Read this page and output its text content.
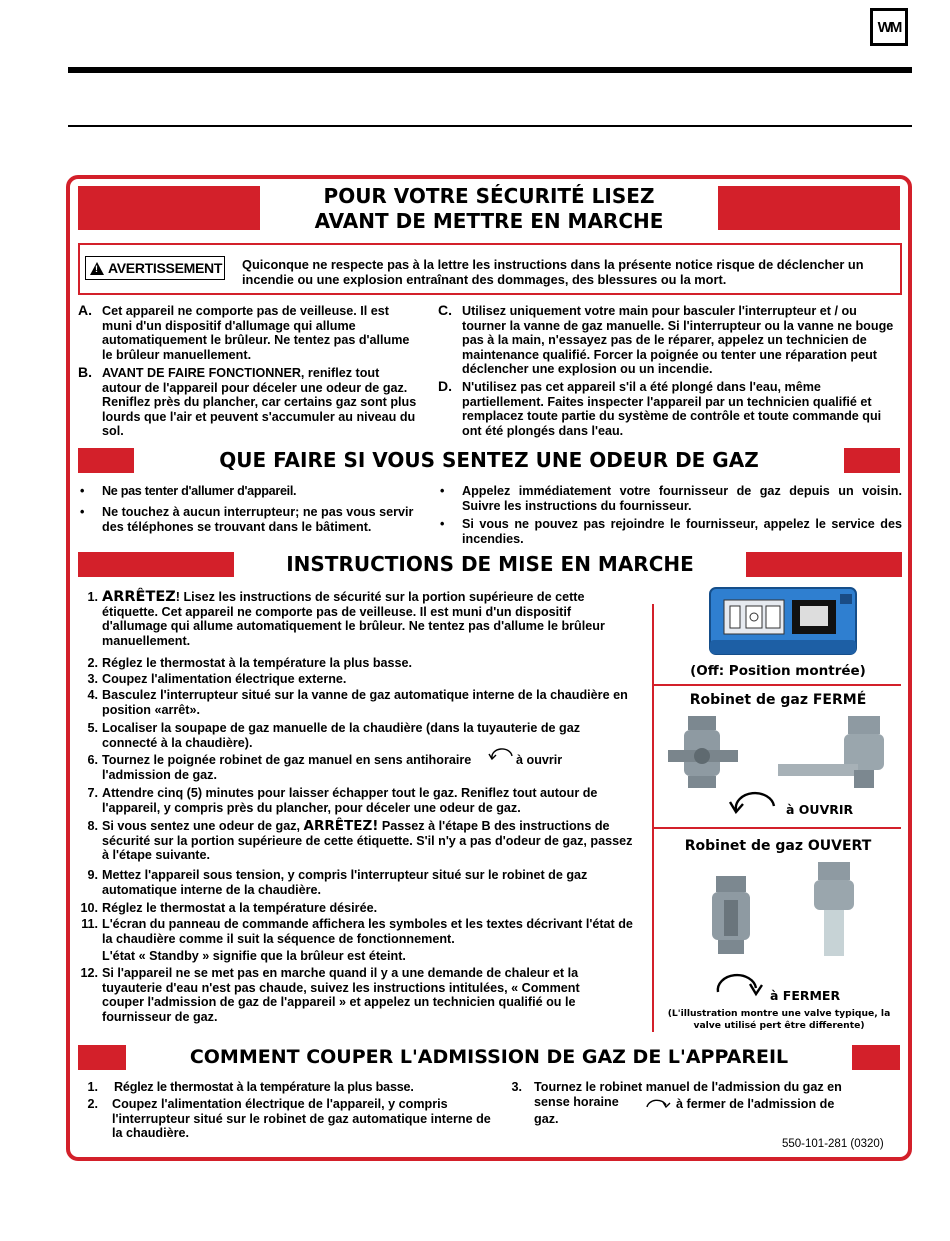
WM
POUR VOTRE SÉCURITÉ LISEZ
AVANT DE METTRE EN MARCHE
! AVERTISSEMENT Quiconque ne respecte pas à la lettre les instructions dans la présente notice risque de déclencher un incendie ou une explosion entraînant des dommages, des blessures ou la mort.
A. Cet appareil ne comporte pas de veilleuse. Il est muni d'un dispositif d'allumage qui allume automatiquement le brûleur. Ne tentez pas d'allume le brûleur manuellement.
B. AVANT DE FAIRE FONCTIONNER, reniflez tout autour de l'appareil pour déceler une odeur de gaz. Reniflez près du plancher, car certains gaz sont plus lourds que l'air et peuvent s'accumuler au niveau du sol.
C. Utilisez uniquement votre main pour basculer l'interrupteur et / ou tourner la vanne de gaz manuelle. Si l'interrupteur ou la vanne ne bouge pas à la main, n'essayez pas de le réparer, appelez un technicien de maintenance qualifié. Forcer la poignée ou tenter une réparation peut déclencher une explosion ou un incendie.
D. N'utilisez pas cet appareil s'il a été plongé dans l'eau, même partiellement. Faites inspecter l'appareil par un technicien qualifié et remplacez toute partie du système de contrôle et toute commande qui ont été plongés dans l'eau.
QUE FAIRE SI VOUS SENTEZ UNE ODEUR DE GAZ
• Ne pas tenter d'allumer d'appareil.
• Ne touchez à aucun interrupteur; ne pas vous servir des téléphones se trouvant dans le bâtiment.
• Appelez immédiatement votre fournisseur de gaz depuis un voisin. Suivre les instructions du fournisseur.
• Si vous ne pouvez pas rejoindre le fournisseur, appelez le service des incendies.
INSTRUCTIONS DE MISE EN MARCHE
1. ARRÊTEZ! Lisez les instructions de sécurité sur la portion supérieure de cette étiquette. Cet appareil ne comporte pas de veilleuse. Il est muni d'un dispositif d'allumage qui allume automatiquement le brûleur. Ne tentez pas d'allume le brûleur manuellement.
2. Réglez le thermostat à la température la plus basse.
3. Coupez l'alimentation électrique externe.
4. Basculez l'interrupteur situé sur la vanne de gaz automatique interne de la chaudière en position «arrêt».
5. Localiser la soupape de gaz manuelle de la chaudière (dans la tuyauterie de gaz connecté à la chaudière).
6. Tournez le poignée robinet de gaz manuel en sens antihoraire	à ouvrir l'admission de gaz.
7. Attendre cinq (5) minutes pour laisser échapper tout le gaz. Reniflez tout autour de l'appareil, y compris près du plancher, pour déceler une odeur de gaz.
8. Si vous sentez une odeur de gaz, ARRÊTEZ! Passez à l'étape B des instructions de sécurité sur la portion supérieure de cette étiquette. S'il n'y a pas d'odeur de gaz, passez à l'étape suivante.
9. Mettez l'appareil sous tension, y compris l'interrupteur situé sur le robinet de gaz automatique interne de la chaudière.
10. Réglez le thermostat a la température désirée.
11. L'écran du panneau de commande affichera les symboles et les textes décrivant l'état de la chaudière comme il suit la séquence de fonctionnement.
L'état « Standby » signifie que la brûleur est éteint.
12. Si l'appareil ne se met pas en marche quand il y a une demande de chaleur et la tuyauterie d'eau n'est pas chaude, suivez les instructions intitulées, « Comment couper l'admission de gaz de l'appareil » et appelez un technicien qualifié ou le fournisseur de gaz.
(Off: Position montrée)
Robinet de gaz FERMÉ
à OUVRIR
Robinet de gaz OUVERT
à FERMER
(L'illustration montre une valve typique, la valve utilisé pert être differente)
COMMENT COUPER L'ADMISSION DE GAZ DE L'APPAREIL
1. Réglez le thermostat à la température la plus basse.
2. Coupez l'alimentation électrique de l'appareil, y compris l'interrupteur situé sur le robinet de gaz automatique interne de la chaudière.
3. Tournez le robinet manuel de l'admission du gaz en sense horaine	à fermer de l'admission de gaz.
550-101-281 (0320)
